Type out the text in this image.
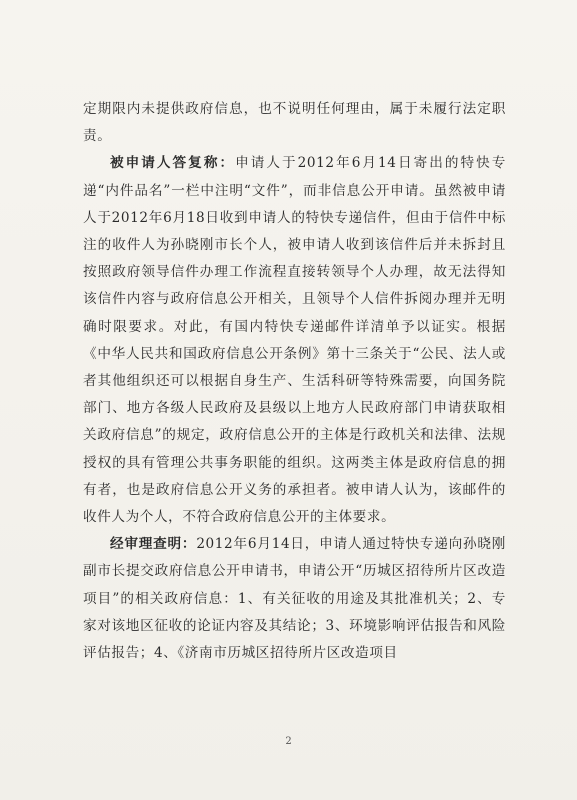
定期限内未提供政府信息，也不说明任何理由，属于未履行法定职责。

被申请人答复称：申请人于2012年6月14日寄出的特快专递“内件品名”一栏中注明“文件”，而非信息公开申请。虽然被申请人于2012年6月18日收到申请人的特快专递信件，但由于信件中标注的收件人为孙晓刚市长个人，被申请人收到该信件后并未拆封且按照政府领导信件办理工作流程直接转领导个人办理，故无法得知该信件内容与政府信息公开相关，且领导个人信件拆阅办理并无明确时限要求。对此，有国内特快专递邮件详清单予以证实。根据《中华人民共和国政府信息公开条例》第十三条关于“公民、法人或者其他组织还可以根据自身生产、生活科研等特殊需要，向国务院部门、地方各级人民政府及县级以上地方人民政府部门申请获取相关政府信息”的规定，政府信息公开的主体是行政机关和法律、法规授权的具有管理公共事务职能的组织。这两类主体是政府信息的拥有者，也是政府信息公开义务的承担者。被申请人认为，该邮件的收件人为个人，不符合政府信息公开的主体要求。

经审理查明：2012年6月14日，申请人通过特快专递向孙晓刚副市长提交政府信息公开申请书，申请公开“历城区招待所片区改造项目”的相关政府信息：1、有关征收的用途及其批准机关；2、专家对该地区征收的论证内容及其结论；3、环境影响评估报告和风险评估报告；4、《济南市历城区招待所片区改造项目

2
